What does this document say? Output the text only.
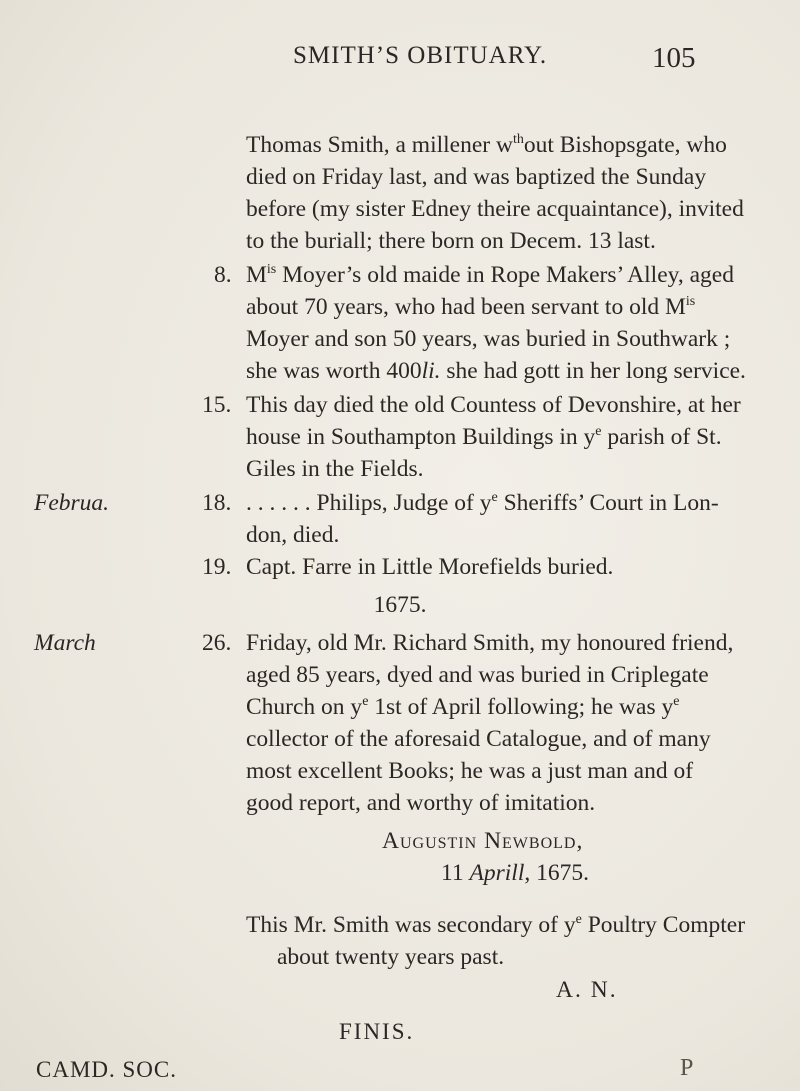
SMITH’S OBITUARY.	105
Thomas Smith, a millener $w^{th}out$ Bishopsgate, who
died on Friday last, and was baptized the Sunday
before (my sister Edney theire acquaintance), invited
to the buriall; there born on Decem. 13 last.
8. $M^{is}$ Moyer’s old maide in Rope Makers’ Alley, aged
about 70 years, who had been servant to old $M^{is}$
Moyer and son 50 years, was buried in Southwark ;
she was worth 400li. she had gott in her long service.
15. This day died the old Countess of Devonshire, at her
house in Southampton Buildings in $y^e$ parish of St.
Giles in the Fields.
Februa.	18. . . . . . . Philips, Judge of $y^e$ Sheriffs’ Court in Lon-
don, died.
19. Capt. Farre in Little Morefields buried.
1675.
March	26. Friday, old Mr. Richard Smith, my honoured friend,
aged 85 years, dyed and was buried in Criplegate
Church on $y^e$ 1st of April following; he was $y^e$
collector of the aforesaid Catalogue, and of many
most excellent Books; he was a just man and of
good report, and worthy of imitation.
Augustin Newbold,
11 Aprill, 1675.
This Mr. Smith was secondary of $y^e$ Poultry Compter
about twenty years past.
A. N.
FINIS.
CAMD. SOC.	P
